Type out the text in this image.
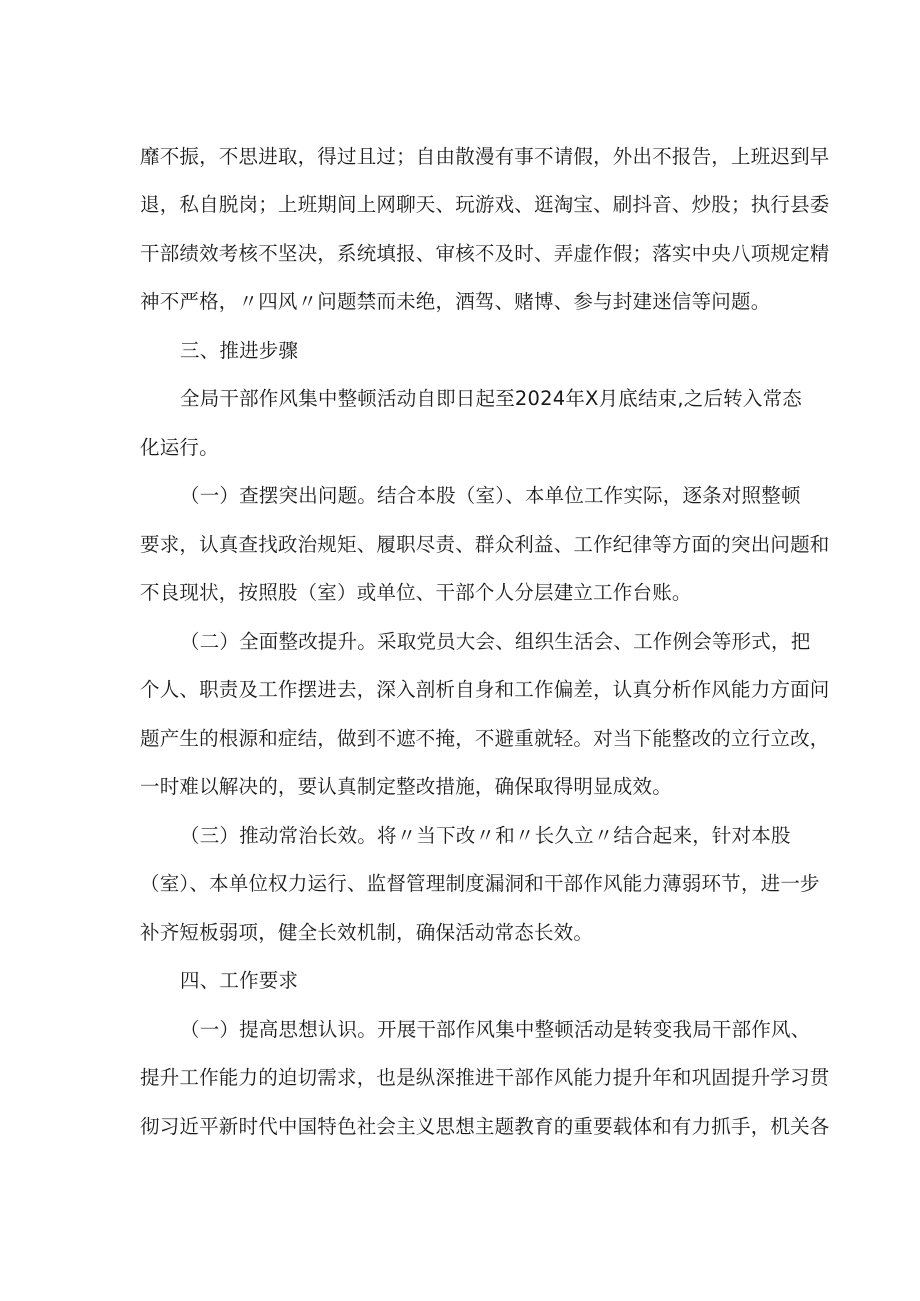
靡不振，不思进取，得过且过；自由散漫有事不请假，外出不报告，上班迟到早
退，私自脱岗；上班期间上网聊天、玩游戏、逛淘宝、刷抖音、炒股；执行县委
干部绩效考核不坚决，系统填报、审核不及时、弄虚作假；落实中央八项规定精
神不严格，〃四风〃问题禁而未绝，酒驾、赌博、参与封建迷信等问题。
三、推进步骤
全局干部作风集中整顿活动自即日起至2024年X月底结束,之后转入常态
化运行。
（一）查摆突出问题。结合本股（室）、本单位工作实际，逐条对照整顿
要求，认真查找政治规矩、履职尽责、群众利益、工作纪律等方面的突出问题和
不良现状，按照股（室）或单位、干部个人分层建立工作台账。
（二）全面整改提升。采取党员大会、组织生活会、工作例会等形式，把
个人、职责及工作摆进去，深入剖析自身和工作偏差，认真分析作风能力方面问
题产生的根源和症结，做到不遮不掩，不避重就轻。对当下能整改的立行立改，
一时难以解决的，要认真制定整改措施，确保取得明显成效。
（三）推动常治长效。将〃当下改〃和〃长久立〃结合起来，针对本股
（室）、本单位权力运行、监督管理制度漏洞和干部作风能力薄弱环节，进一步
补齐短板弱项，健全长效机制，确保活动常态长效。
四、工作要求
（一）提高思想认识。开展干部作风集中整顿活动是转变我局干部作风、
提升工作能力的迫切需求，也是纵深推进干部作风能力提升年和巩固提升学习贯
彻习近平新时代中国特色社会主义思想主题教育的重要载体和有力抓手，机关各
